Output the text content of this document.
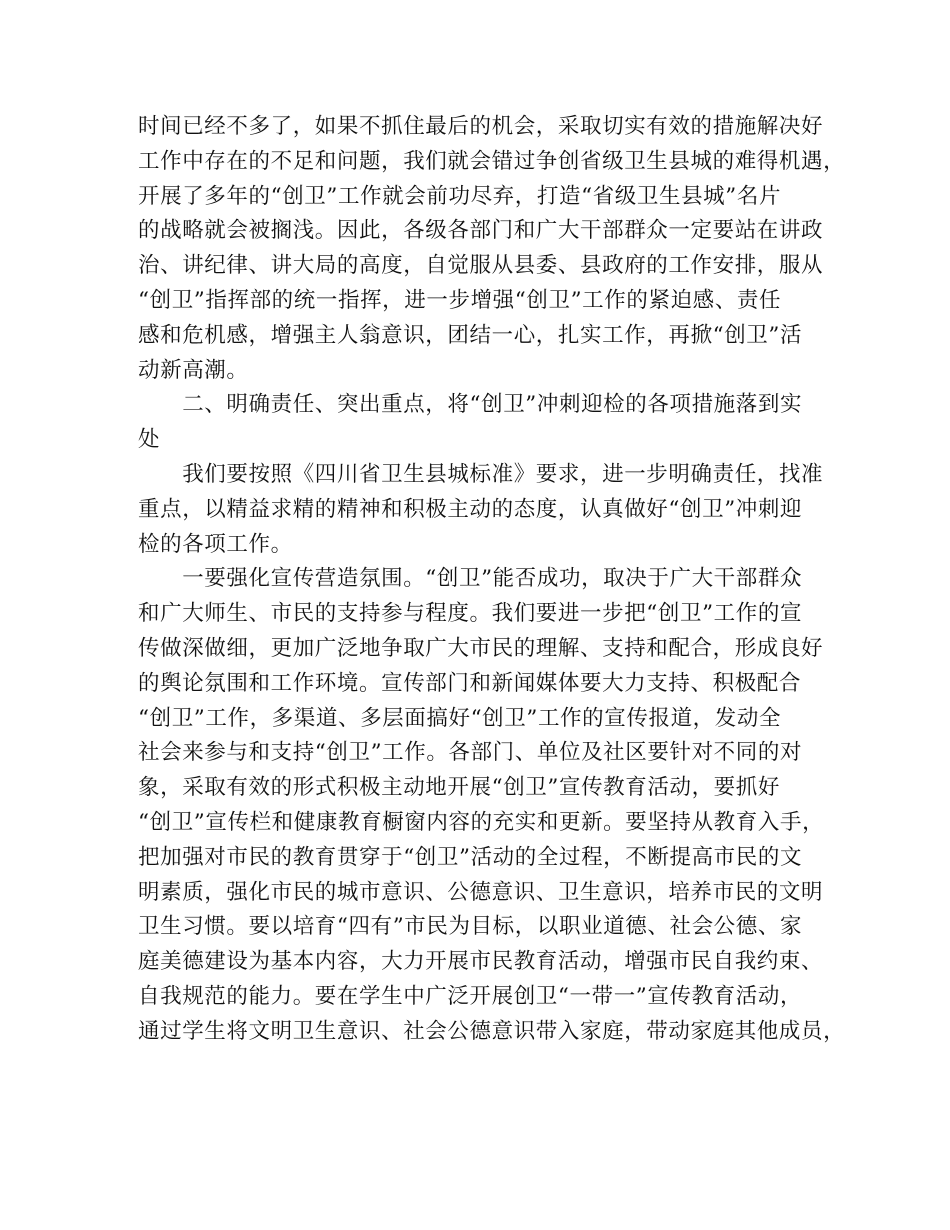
时间已经不多了，如果不抓住最后的机会，采取切实有效的措施解决好
工作中存在的不足和问题，我们就会错过争创省级卫生县城的难得机遇，
开展了多年的“创卫”工作就会前功尽弃，打造“省级卫生县城”名片
的战略就会被搁浅。因此，各级各部门和广大干部群众一定要站在讲政
治、讲纪律、讲大局的高度，自觉服从县委、县政府的工作安排，服从
“创卫”指挥部的统一指挥，进一步增强“创卫”工作的紧迫感、责任
感和危机感，增强主人翁意识，团结一心，扎实工作，再掀“创卫”活
动新高潮。
　　二、明确责任、突出重点，将“创卫”冲刺迎检的各项措施落到实
处
　　我们要按照《四川省卫生县城标准》要求，进一步明确责任，找准
重点，以精益求精的精神和积极主动的态度，认真做好“创卫”冲刺迎
检的各项工作。
　　一要强化宣传营造氛围。“创卫”能否成功，取决于广大干部群众
和广大师生、市民的支持参与程度。我们要进一步把“创卫”工作的宣
传做深做细，更加广泛地争取广大市民的理解、支持和配合，形成良好
的舆论氛围和工作环境。宣传部门和新闻媒体要大力支持、积极配合
“创卫”工作，多渠道、多层面搞好“创卫”工作的宣传报道，发动全
社会来参与和支持“创卫”工作。各部门、单位及社区要针对不同的对
象，采取有效的形式积极主动地开展“创卫”宣传教育活动，要抓好
“创卫”宣传栏和健康教育橱窗内容的充实和更新。要坚持从教育入手，
把加强对市民的教育贯穿于“创卫”活动的全过程，不断提高市民的文
明素质，强化市民的城市意识、公德意识、卫生意识，培养市民的文明
卫生习惯。要以培育“四有”市民为目标，以职业道德、社会公德、家
庭美德建设为基本内容，大力开展市民教育活动，增强市民自我约束、
自我规范的能力。要在学生中广泛开展创卫“一带一”宣传教育活动，
通过学生将文明卫生意识、社会公德意识带入家庭，带动家庭其他成员，
